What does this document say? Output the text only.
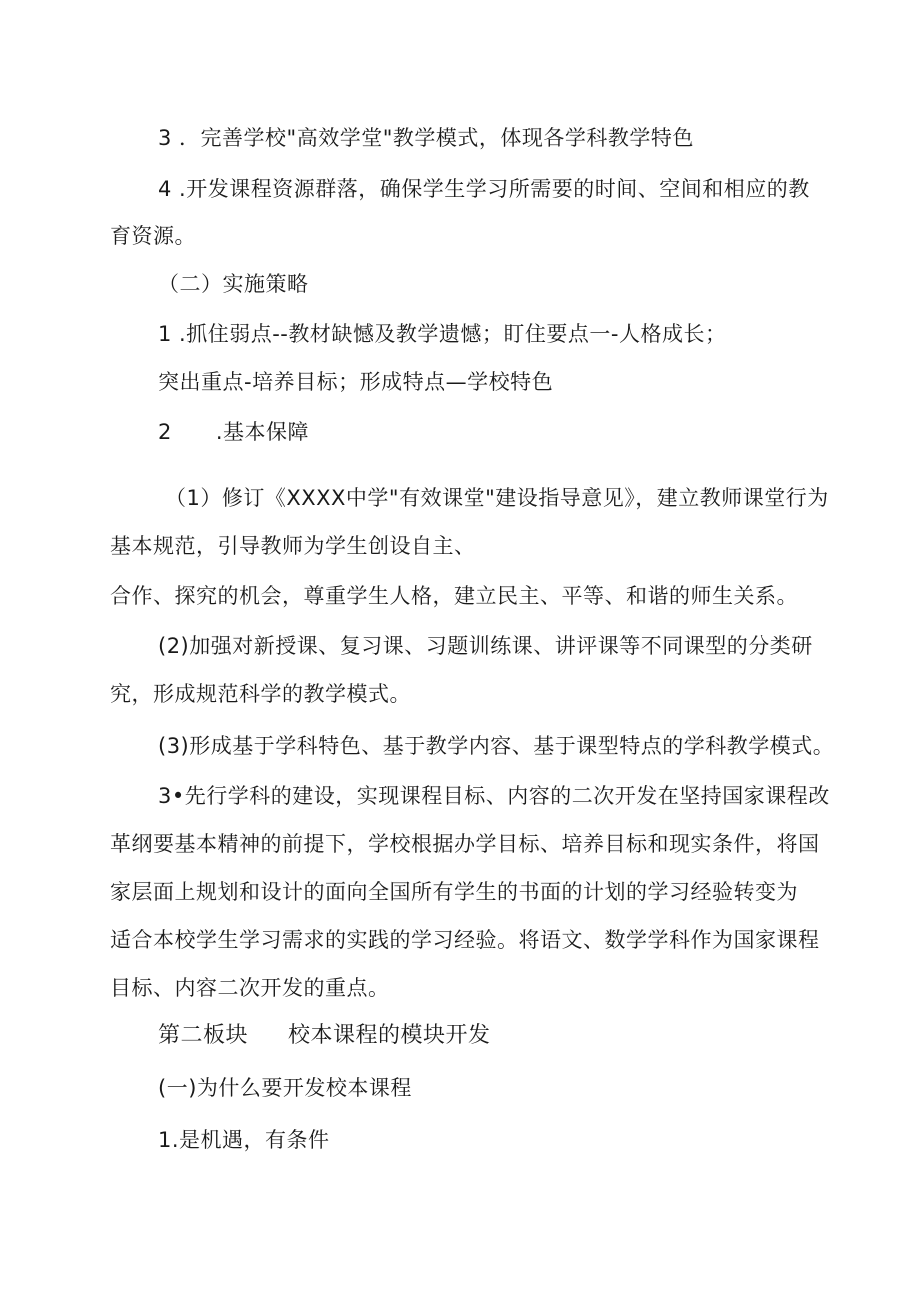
3 ．完善学校"高效学堂"教学模式，体现各学科教学特色
4 .开发课程资源群落，确保学生学习所需要的时间、空间和相应的教
育资源。
（二）实施策略
1 .抓住弱点--教材缺憾及教学遗憾；盯住要点一-人格成长；
突出重点-培养目标；形成特点—学校特色
2 .基本保障
（1）修订《XXXX中学"有效课堂"建设指导意见》，建立教师课堂行为
基本规范，引导教师为学生创设自主、
合作、探究的机会，尊重学生人格，建立民主、平等、和谐的师生关系。
(2)加强对新授课、复习课、习题训练课、讲评课等不同课型的分类研
究，形成规范科学的教学模式。
(3)形成基于学科特色、基于教学内容、基于课型特点的学科教学模式。
3•先行学科的建设，实现课程目标、内容的二次开发在坚持国家课程改
革纲要基本精神的前提下，学校根据办学目标、培养目标和现实条件，将国
家层面上规划和设计的面向全国所有学生的书面的计划的学习经验转变为
适合本校学生学习需求的实践的学习经验。将语文、数学学科作为国家课程
目标、内容二次开发的重点。
第二板块 校本课程的模块开发
(一)为什么要开发校本课程
1.是机遇，有条件
